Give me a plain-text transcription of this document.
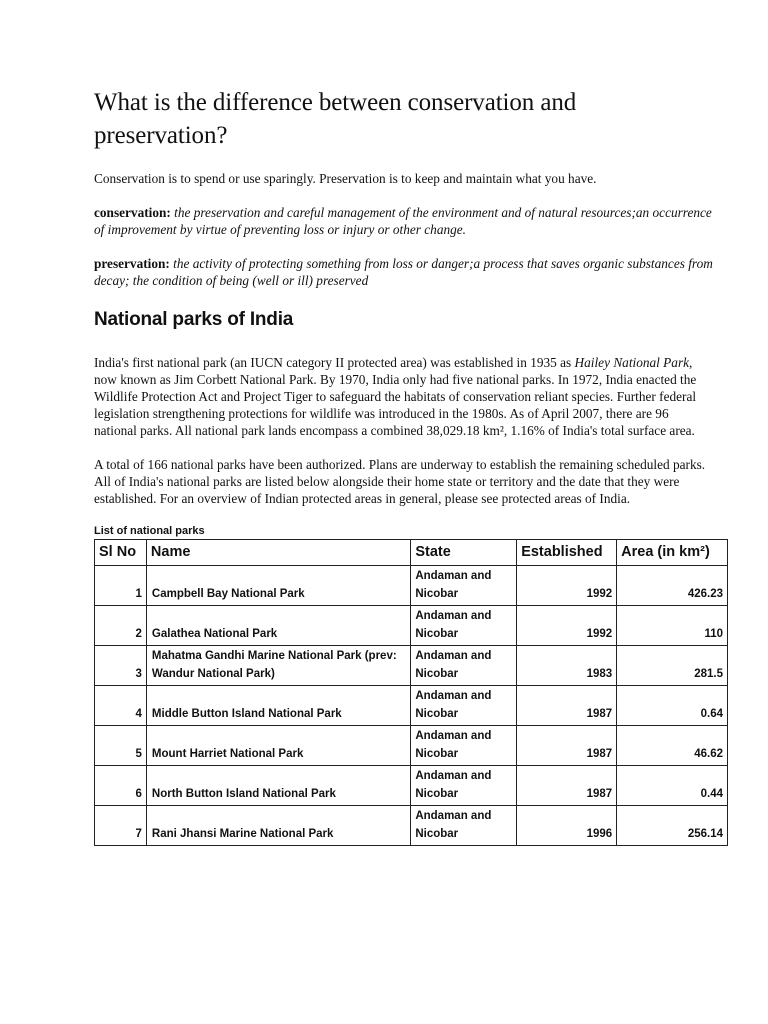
What is the difference between conservation and preservation?

Conservation is to spend or use sparingly. Preservation is to keep and maintain what you have.

conservation: the preservation and careful management of the environment and of natural resources;an occurrence of improvement by virtue of preventing loss or injury or other change.

preservation: the activity of protecting something from loss or danger;a process that saves organic substances from decay; the condition of being (well or ill) preserved

National parks of India

India's first national park (an IUCN category II protected area) was established in 1935 as Hailey National Park, now known as Jim Corbett National Park. By 1970, India only had five national parks. In 1972, India enacted the Wildlife Protection Act and Project Tiger to safeguard the habitats of conservation reliant species. Further federal legislation strengthening protections for wildlife was introduced in the 1980s. As of April 2007, there are 96 national parks. All national park lands encompass a combined 38,029.18 km², 1.16% of India's total surface area.

A total of 166 national parks have been authorized. Plans are underway to establish the remaining scheduled parks. All of India's national parks are listed below alongside their home state or territory and the date that they were established. For an overview of Indian protected areas in general, please see protected areas of India.

List of national parks
Sl No	Name	State	Established	Area (in km²)
1	Campbell Bay National Park	Andaman and Nicobar	1992	426.23
2	Galathea National Park	Andaman and Nicobar	1992	110
3	Mahatma Gandhi Marine National Park (prev: Wandur National Park)	Andaman and Nicobar	1983	281.5
4	Middle Button Island National Park	Andaman and Nicobar	1987	0.64
5	Mount Harriet National Park	Andaman and Nicobar	1987	46.62
6	North Button Island National Park	Andaman and Nicobar	1987	0.44
7	Rani Jhansi Marine National Park	Andaman and Nicobar	1996	256.14
